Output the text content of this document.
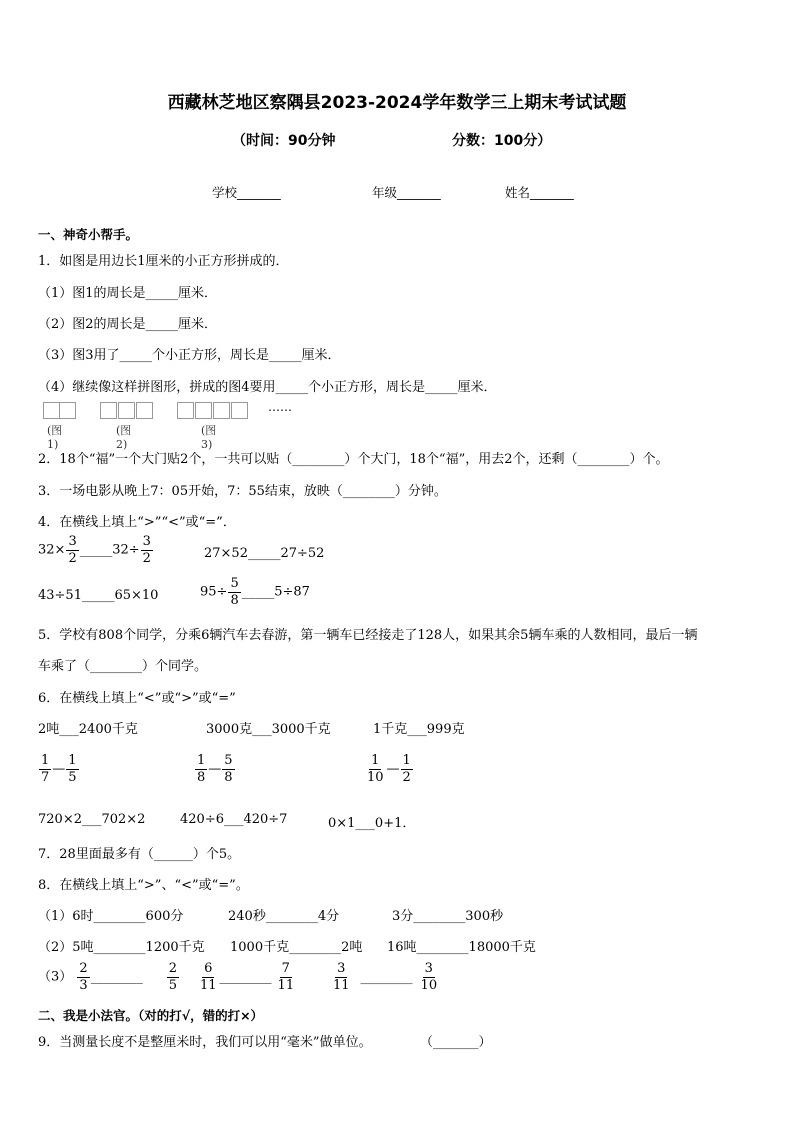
西藏林芝地区察隅县2023-2024学年数学三上期末考试试题
（时间：90分钟	分数：100分）
学校_______	年级_______	姓名_______
一、神奇小帮手。
1．如图是用边长1厘米的小正方形拼成的．
（1）图1的周长是_____厘米．
（2）图2的周长是_____厘米．
（3）图3用了_____个小正方形，周长是_____厘米．
（4）继续像这样拼图形，拼成的图4要用_____个小正方形，周长是_____厘米．
(图1)
(图2)
(图3)
……
2．18个“福”一个大门贴2个，一共可以贴（________）个大门，18个“福”，用去2个，还剩（________）个。
3．一场电影从晚上7：05开始，7：55结束，放映（________）分钟。
4．在横线上填上“>”“<”或“=”．
$32\times \frac{3}{2}$ _____32÷ $\frac{3}{2}$	27×52_____27÷52
43÷51_____65×10	$95\div \frac{5}{8}$ _____5÷87
5．学校有808个同学，分乘6辆汽车去春游，第一辆车已经接走了128人，如果其余5辆车乘的人数相同，最后一辆
车乘了（________）个同学。
6．在横线上填上“<”或“>”或“=”
2吨___2400千克	3000克___3000千克	1千克___999克
$\frac{1}{7}$ — $\frac{1}{5}$	$\frac{1}{8}$ — $\frac{5}{8}$	$\frac{1}{10}$ — $\frac{1}{2}$
720×2___702×2	420÷6___420÷7	0×1___0+1．
7．28里面最多有（______）个5。
8．在横线上填上“>”、“<”或“=”。
（1）6时________600分	240秒________4分	3分________300秒
（2）5吨________1200千克 1000千克________2吨 16吨________18000千克
$(3) \frac{2}{3}$ ________ $\frac{2}{5} \frac{6}{11}$ ________ $\frac{7}{11}$	$\frac{3}{11}$ ________ $\frac{3}{10}$
二、我是小法官。（对的打√，错的打×）
9．当测量长度不是整厘米时，我们可以用“毫米”做单位。	（_______）
